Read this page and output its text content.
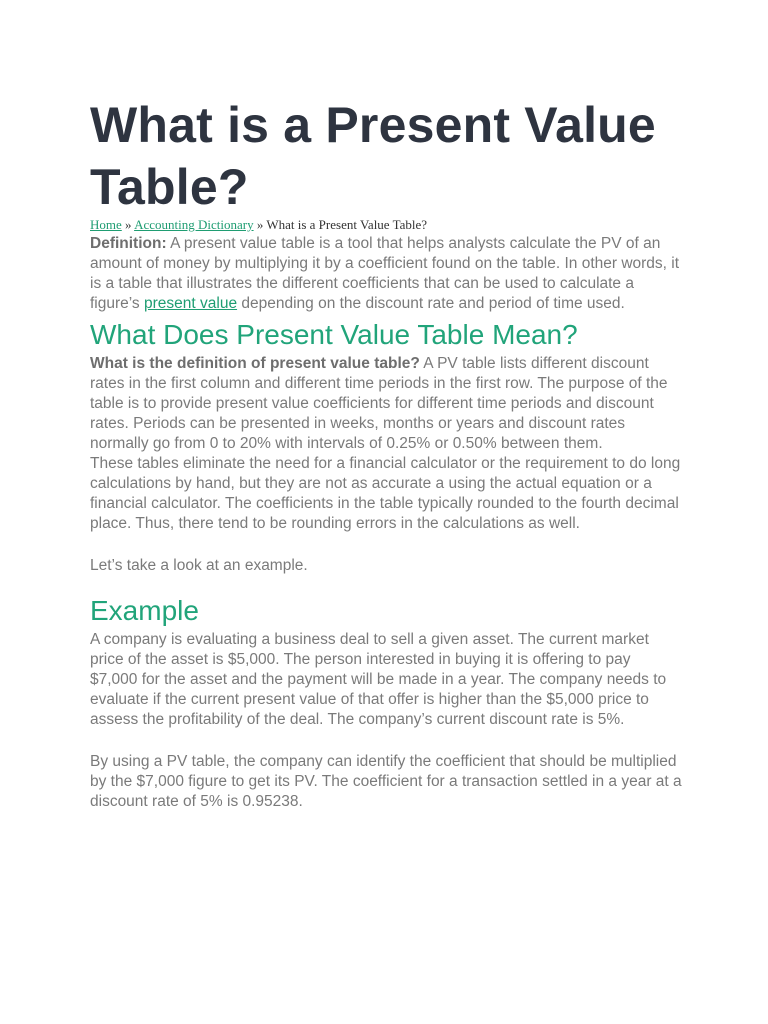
What is a Present Value Table?
Home » Accounting Dictionary » What is a Present Value Table?

Definition: A present value table is a tool that helps analysts calculate the PV of an amount of money by multiplying it by a coefficient found on the table. In other words, it is a table that illustrates the different coefficients that can be used to calculate a figure’s present value depending on the discount rate and period of time used.

What Does Present Value Table Mean?

What is the definition of present value table? A PV table lists different discount rates in the first column and different time periods in the first row. The purpose of the table is to provide present value coefficients for different time periods and discount rates. Periods can be presented in weeks, months or years and discount rates normally go from 0 to 20% with intervals of 0.25% or 0.50% between them.

These tables eliminate the need for a financial calculator or the requirement to do long calculations by hand, but they are not as accurate a using the actual equation or a financial calculator. The coefficients in the table typically rounded to the fourth decimal place. Thus, there tend to be rounding errors in the calculations as well.

Let’s take a look at an example.

Example

A company is evaluating a business deal to sell a given asset. The current market price of the asset is $5,000. The person interested in buying it is offering to pay $7,000 for the asset and the payment will be made in a year. The company needs to evaluate if the current present value of that offer is higher than the $5,000 price to assess the profitability of the deal. The company’s current discount rate is 5%.

By using a PV table, the company can identify the coefficient that should be multiplied by the $7,000 figure to get its PV. The coefficient for a transaction settled in a year at a discount rate of 5% is 0.95238.
